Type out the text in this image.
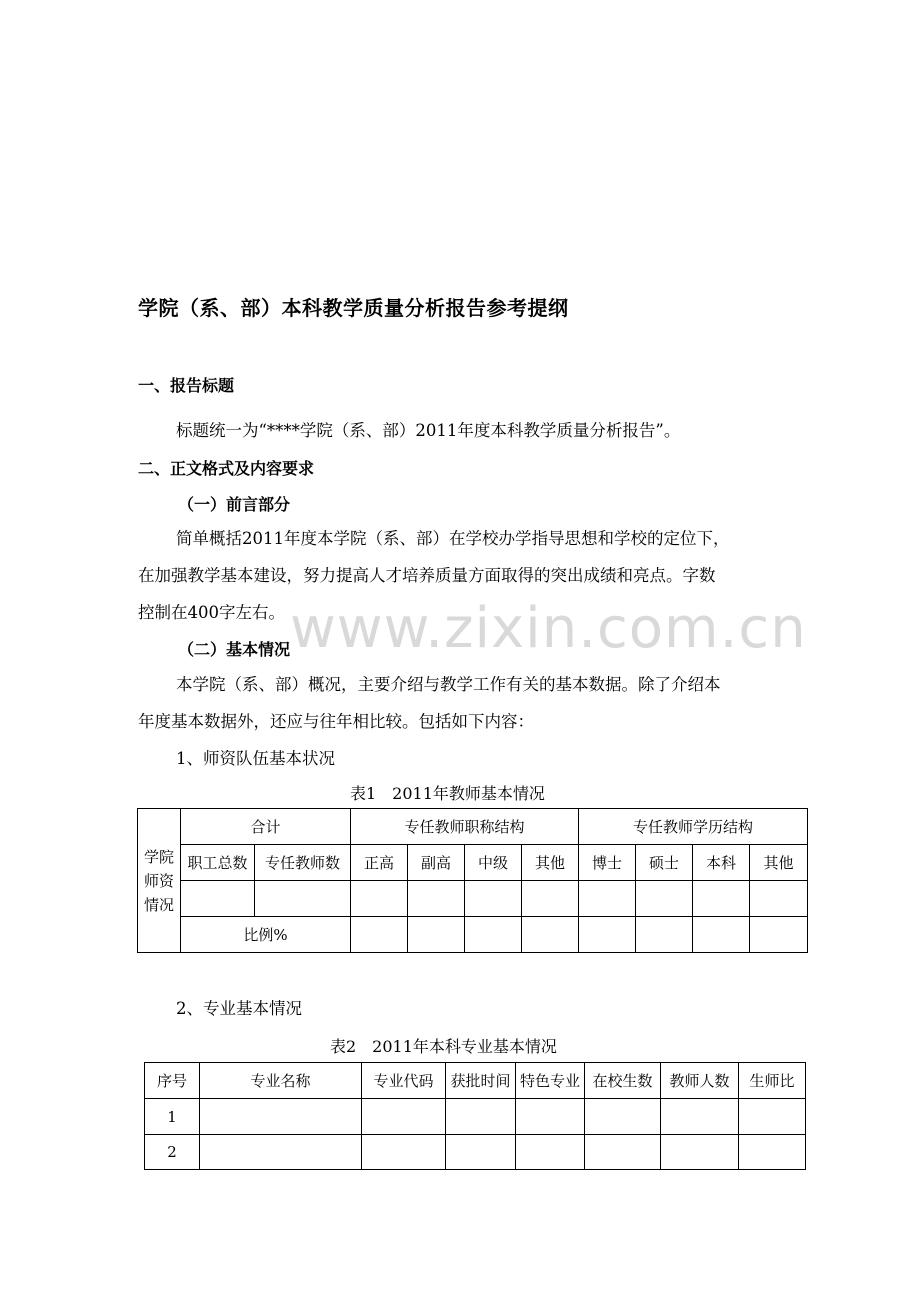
www.zixin.com.cn
学院（系、部）本科教学质量分析报告参考提纲
一、报告标题
标题统一为“****学院（系、部）2011年度本科教学质量分析报告”。
二、正文格式及内容要求
（一）前言部分
简单概括2011年度本学院（系、部）在学校办学指导思想和学校的定位下，
在加强教学基本建设，努力提高人才培养质量方面取得的突出成绩和亮点。字数
控制在400字左右。
（二）基本情况
本学院（系、部）概况，主要介绍与教学工作有关的基本数据。除了介绍本
年度基本数据外，还应与往年相比较。包括如下内容：
1、师资队伍基本状况
表1　2011年教师基本情况
学院师资情况	合计		专任教师职称结构				专任教师学历结构			
	职工总数	专任教师数	正高	副高	中级	其他	博士	硕士	本科	其他

	比例%									
2、专业基本情况
表2　2011年本科专业基本情况
序号	专业名称	专业代码	获批时间	特色专业	在校生数	教师人数	生师比
1							
2							
